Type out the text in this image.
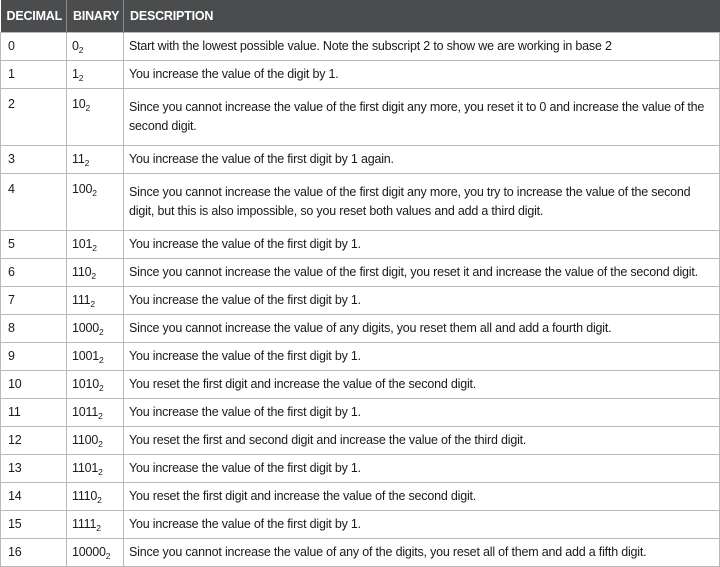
DECIMAL	BINARY	DESCRIPTION
0	$0_2$	Start with the lowest possible value. Note the subscript 2 to show we are working in base 2
1	$1_2$	You increase the value of the digit by 1.
2	$10_2$	Since you cannot increase the value of the first digit any more, you reset it to 0 and increase the value of the second digit.
3	$11_2$	You increase the value of the first digit by 1 again.
4	$100_2$	Since you cannot increase the value of the first digit any more, you try to increase the value of the second digit, but this is also impossible, so you reset both values and add a third digit.
5	$101_2$	You increase the value of the first digit by 1.
6	$110_2$	Since you cannot increase the value of the first digit, you reset it and increase the value of the second digit.
7	$111_2$	You increase the value of the first digit by 1.
8	$1000_2$	Since you cannot increase the value of any digits, you reset them all and add a fourth digit.
9	$1001_2$	You increase the value of the first digit by 1.
10	$1010_2$	You reset the first digit and increase the value of the second digit.
11	$1011_2$	You increase the value of the first digit by 1.
12	$1100_2$	You reset the first and second digit and increase the value of the third digit.
13	$1101_2$	You increase the value of the first digit by 1.
14	$1110_2$	You reset the first digit and increase the value of the second digit.
15	$1111_2$	You increase the value of the first digit by 1.
16	$10000_2$	Since you cannot increase the value of any of the digits, you reset all of them and add a fifth digit.
